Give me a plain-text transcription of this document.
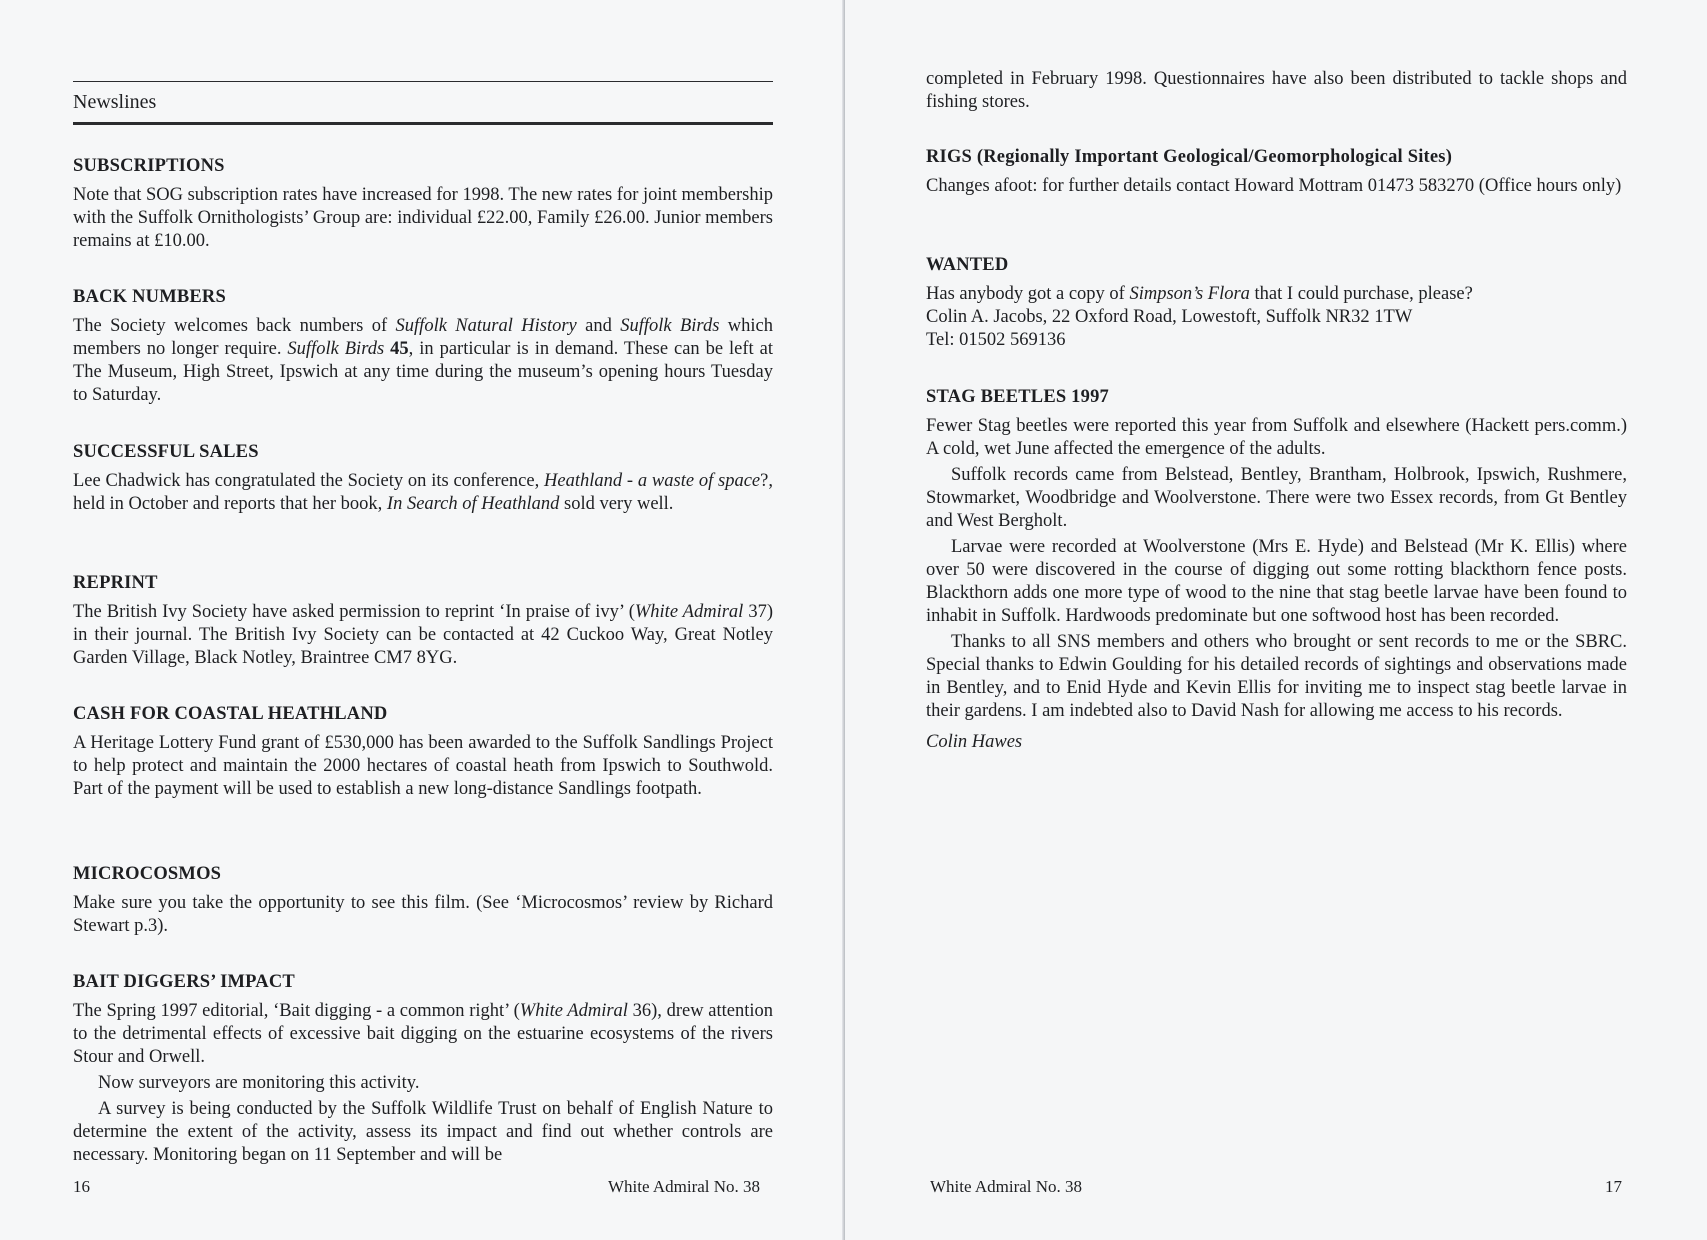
Newslines
SUBSCRIPTIONS

Note that SOG subscription rates have increased for 1998. The new rates for joint membership with the Suffolk Ornithologists’ Group are: individual £22.00, Family £26.00. Junior members remains at £10.00.

BACK NUMBERS

The Society welcomes back numbers of Suffolk Natural History and Suffolk Birds which members no longer require. Suffolk Birds 45, in particular is in demand. These can be left at The Museum, High Street, Ipswich at any time during the museum’s opening hours Tuesday to Saturday.

SUCCESSFUL SALES

Lee Chadwick has congratulated the Society on its conference, Heathland - a waste of space?, held in October and reports that her book, In Search of Heathland sold very well.

REPRINT

The British Ivy Society have asked permission to reprint ‘In praise of ivy’ (White Admiral 37) in their journal. The British Ivy Society can be contacted at 42 Cuckoo Way, Great Notley Garden Village, Black Notley, Braintree CM7 8YG.

CASH FOR COASTAL HEATHLAND

A Heritage Lottery Fund grant of £530,000 has been awarded to the Suffolk Sandlings Project to help protect and maintain the 2000 hectares of coastal heath from Ipswich to Southwold. Part of the payment will be used to establish a new long-distance Sandlings footpath.

MICROCOSMOS

Make sure you take the opportunity to see this film. (See ‘Microcosmos’ review by Richard Stewart p.3).

BAIT DIGGERS’ IMPACT

The Spring 1997 editorial, ‘Bait digging - a common right’ (White Admiral 36), drew attention to the detrimental effects of excessive bait digging on the estuarine ecosystems of the rivers Stour and Orwell.

Now surveyors are monitoring this activity.

A survey is being conducted by the Suffolk Wildlife Trust on behalf of English Nature to determine the extent of the activity, assess its impact and find out whether controls are necessary. Monitoring began on 11 September and will be

16	White Admiral No. 38

completed in February 1998. Questionnaires have also been distributed to tackle shops and fishing stores.

RIGS (Regionally Important Geological/Geomorphological Sites)

Changes afoot: for further details contact Howard Mottram 01473 583270 (Office hours only)

WANTED

Has anybody got a copy of Simpson’s Flora that I could purchase, please?

Colin A. Jacobs, 22 Oxford Road, Lowestoft, Suffolk NR32 1TW
Tel: 01502 569136
STAG BEETLES 1997

Fewer Stag beetles were reported this year from Suffolk and elsewhere (Hackett pers.comm.) A cold, wet June affected the emergence of the adults.

Suffolk records came from Belstead, Bentley, Brantham, Holbrook, Ipswich, Rushmere, Stowmarket, Woodbridge and Woolverstone. There were two Essex records, from Gt Bentley and West Bergholt.

Larvae were recorded at Woolverstone (Mrs E. Hyde) and Belstead (Mr K. Ellis) where over 50 were discovered in the course of digging out some rotting blackthorn fence posts. Blackthorn adds one more type of wood to the nine that stag beetle larvae have been found to inhabit in Suffolk. Hardwoods predominate but one softwood host has been recorded.

Thanks to all SNS members and others who brought or sent records to me or the SBRC. Special thanks to Edwin Goulding for his detailed records of sightings and observations made in Bentley, and to Enid Hyde and Kevin Ellis for inviting me to inspect stag beetle larvae in their gardens. I am indebted also to David Nash for allowing me access to his records.

Colin Hawes
White Admiral No. 38	17
